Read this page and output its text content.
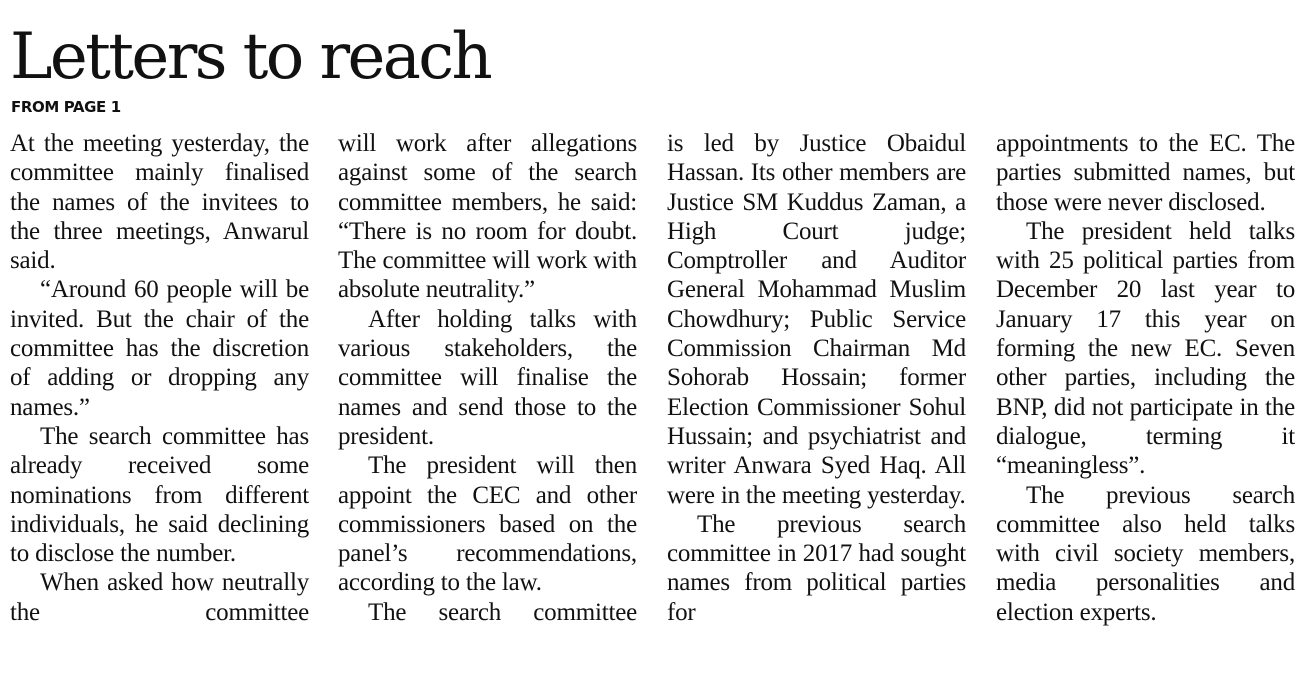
Letters to reach
FROM PAGE 1

At the meeting yesterday, the committee mainly finalised the names of the invitees to the three meetings, Anwarul said.

“Around 60 people will be invited. But the chair of the committee has the discretion of adding or dropping any names.”

The search committee has already received some nominations from different individuals, he said declining to disclose the number.

When asked how neutrally the committee

will work after allegations against some of the search committee members, he said: “There is no room for doubt. The committee will work with absolute neutrality.”

After holding talks with various stakeholders, the committee will finalise the names and send those to the president.

The president will then appoint the CEC and other commissioners based on the panel’s recommendations, according to the law.

The search committee

is led by Justice Obaidul Hassan. Its other members are Justice SM Kuddus Zaman, a High Court judge; Comptroller and Auditor General Mohammad Muslim Chowdhury; Public Service Commission Chairman Md Sohorab Hossain; former Election Commissioner Sohul Hussain; and psychiatrist and writer Anwara Syed Haq. All were in the meeting yesterday.

The previous search committee in 2017 had sought names from political parties for

appointments to the EC. The parties submitted names, but those were never disclosed.

The president held talks with 25 political parties from December 20 last year to January 17 this year on forming the new EC. Seven other parties, including the BNP, did not participate in the dialogue, terming it “meaningless”.

The previous search committee also held talks with civil society members, media personalities and election experts.
